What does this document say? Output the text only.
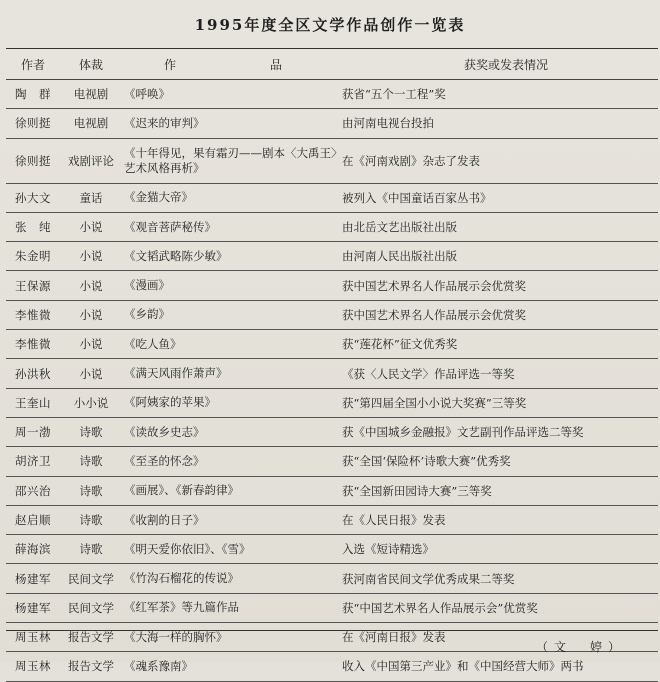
1995年度全区文学作品创作一览表
作者	体裁	作 品	获奖或发表情况
陶　群	电视剧	《呼唤》	获省“五个一工程”奖
徐则挺	电视剧	《迟来的审判》	由河南电视台投拍
徐则挺	戏剧评论	《十年得见，果有霜刃——剧本〈大禹王〉艺术风格再析》	在《河南戏剧》杂志了发表
孙大文	童话	《金猫大帝》	被列入《中国童话百家丛书》
张　纯	小说	《观音菩萨秘传》	由北岳文艺出版社出版
朱金明	小说	《文韬武略陈少敏》	由河南人民出版社出版
王保源	小说	《漫画》	获中国艺术界名人作品展示会优赏奖
李惟微	小说	《乡韵》	获中国艺术界名人作品展示会优赏奖
李惟微	小说	《吃人鱼》	获“莲花杯”征文优秀奖
孙洪秋	小说	《满天风雨作萧声》	《获〈人民文学〉作品评选一等奖
王奎山	小小说	《阿姨家的苹果》	获“第四届全国小小说大奖赛”三等奖
周一渤	诗歌	《读故乡史志》	获《中国城乡金融报》文艺副刊作品评选二等奖
胡济卫	诗歌	《至圣的怀念》	获“全国‘保险杯’诗歌大赛”优秀奖
邵兴治	诗歌	《画展》、《新春韵律》	获“全国新田园诗大赛”三等奖
赵启顺	诗歌	《收割的日子》	在《人民日报》发表
薛海滨	诗歌	《明天爱你依旧》、《雪》	入选《短诗精选》
杨建军	民间文学	《竹沟石榴花的传说》	获河南省民间文学优秀成果二等奖
杨建军	民间文学	《红军茶》等九篇作品	获“中国艺术界名人作品展示会”优赏奖
周玉林	报告文学	《大海一样的胸怀》	在《河南日报》发表
周玉林	报告文学	《魂系豫南》	收入《中国第三产业》和《中国经营大师》两书
（文　婷）
